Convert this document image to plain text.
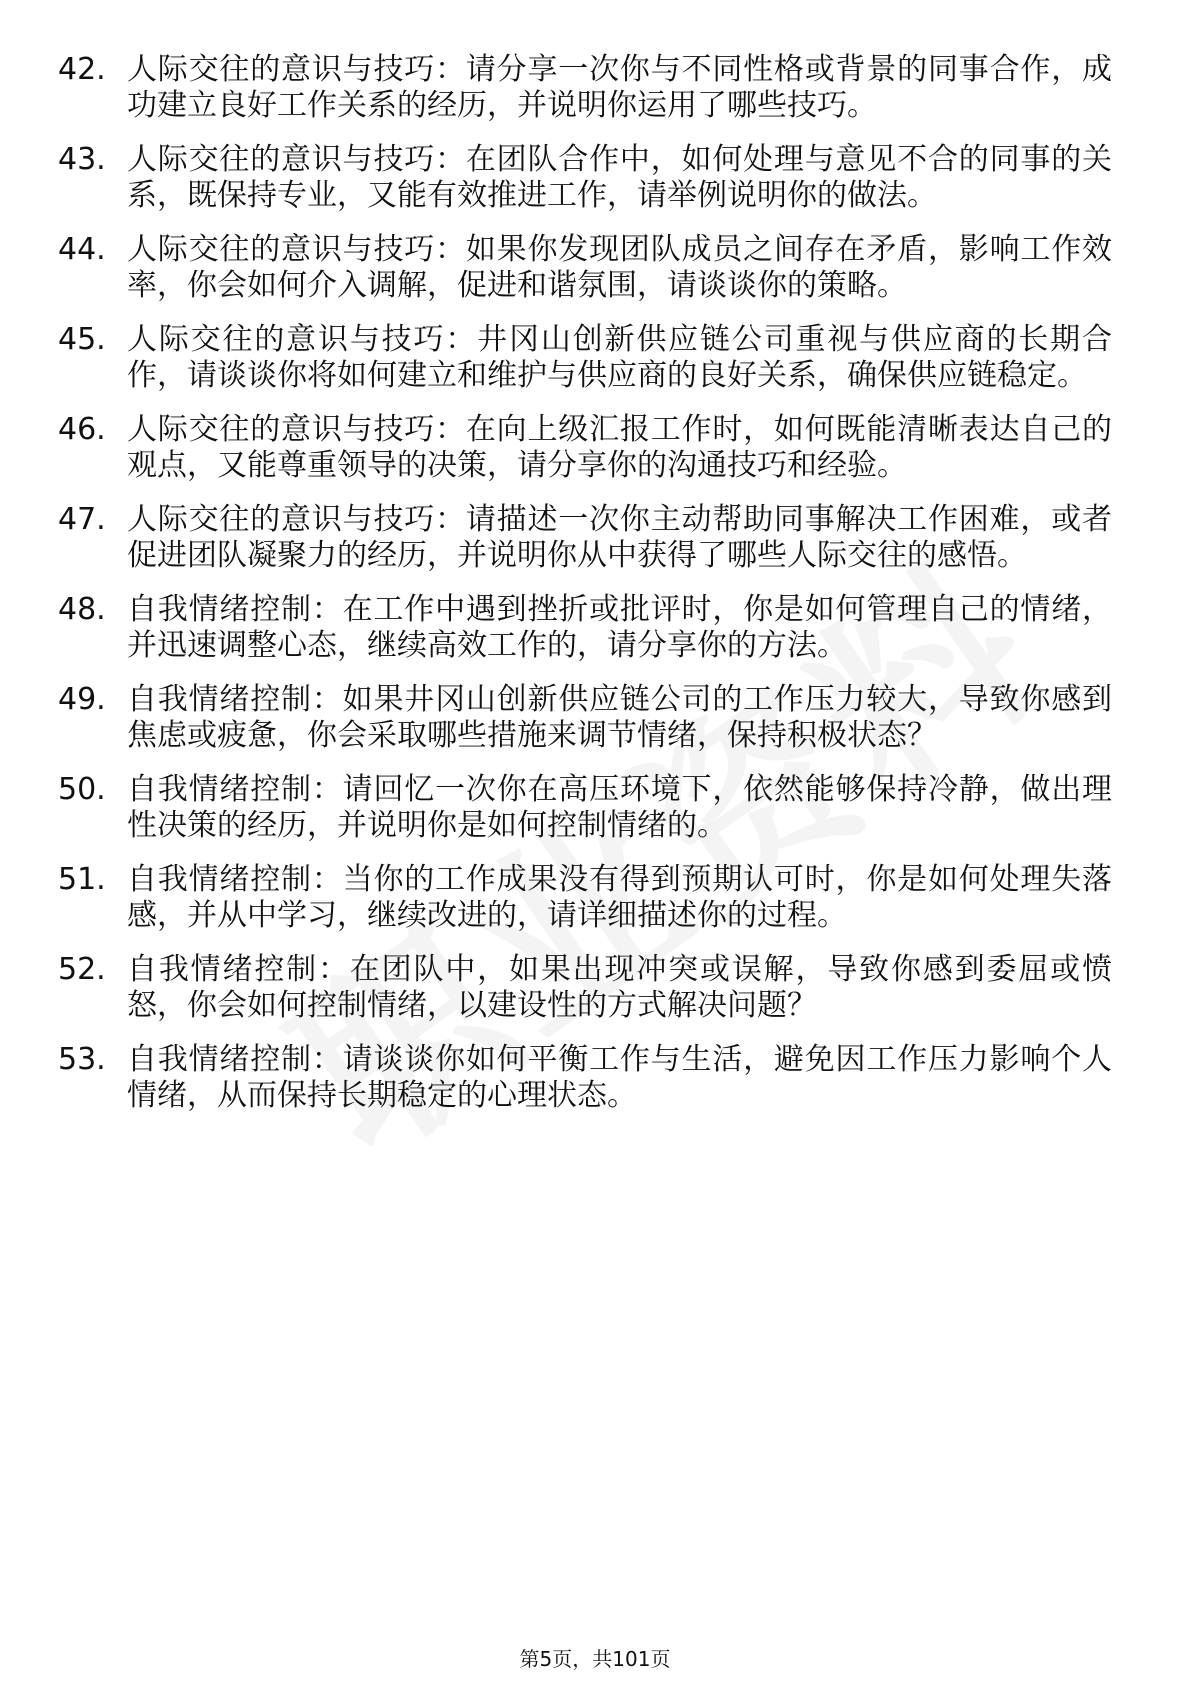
42. 人际交往的意识与技巧：请分享一次你与不同性格或背景的同事合作，成功建立良好工作关系的经历，并说明你运用了哪些技巧。
43. 人际交往的意识与技巧：在团队合作中，如何处理与意见不合的同事的关系，既保持专业，又能有效推进工作，请举例说明你的做法。
44. 人际交往的意识与技巧：如果你发现团队成员之间存在矛盾，影响工作效率，你会如何介入调解，促进和谐氛围，请谈谈你的策略。
45. 人际交往的意识与技巧：井冈山创新供应链公司重视与供应商的长期合作，请谈谈你将如何建立和维护与供应商的良好关系，确保供应链稳定。
46. 人际交往的意识与技巧：在向上级汇报工作时，如何既能清晰表达自己的观点，又能尊重领导的决策，请分享你的沟通技巧和经验。
47. 人际交往的意识与技巧：请描述一次你主动帮助同事解决工作困难，或者促进团队凝聚力的经历，并说明你从中获得了哪些人际交往的感悟。
48. 自我情绪控制：在工作中遇到挫折或批评时，你是如何管理自己的情绪，并迅速调整心态，继续高效工作的，请分享你的方法。
49. 自我情绪控制：如果井冈山创新供应链公司的工作压力较大，导致你感到焦虑或疲惫，你会采取哪些措施来调节情绪，保持积极状态？
50. 自我情绪控制：请回忆一次你在高压环境下，依然能够保持冷静，做出理性决策的经历，并说明你是如何控制情绪的。
51. 自我情绪控制：当你的工作成果没有得到预期认可时，你是如何处理失落感，并从中学习，继续改进的，请详细描述你的过程。
52. 自我情绪控制：在团队中，如果出现冲突或误解，导致你感到委屈或愤怒，你会如何控制情绪，以建设性的方式解决问题？
53. 自我情绪控制：请谈谈你如何平衡工作与生活，避免因工作压力影响个人情绪，从而保持长期稳定的心理状态。
第5页，共101页
